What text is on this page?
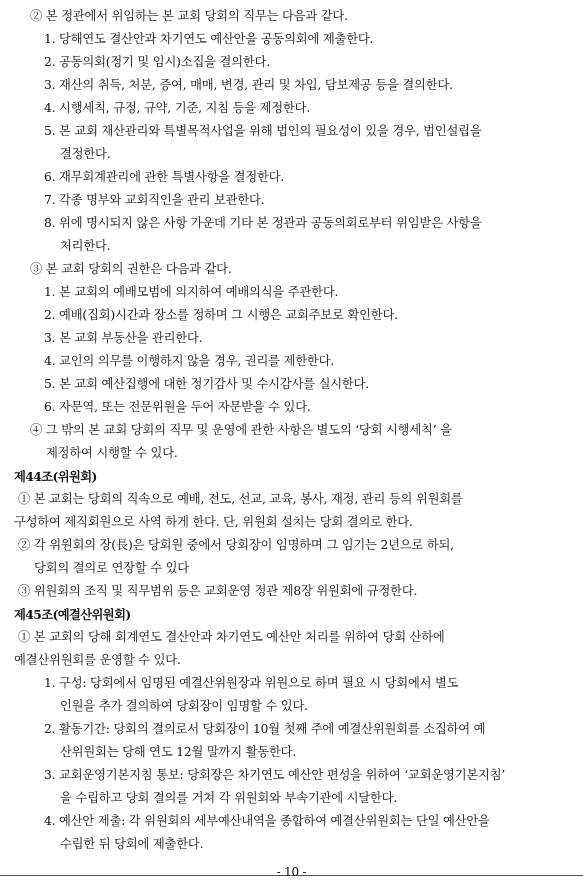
② 본 정관에서 위임하는 본 교회 당회의 직무는 다음과 같다.
1. 당해연도 결산안과 차기연도 예산안을 공동의회에 제출한다.
2. 공동의회(정기 및 임시)소집을 결의한다.
3. 재산의 취득, 처분, 증여, 매매, 변경, 관리 및 차입, 담보제공 등을 결의한다.
4. 시행세칙, 규정, 규약, 기준, 지침 등을 제정한다.
5. 본 교회 재산관리와 특별목적사업을 위해 법인의 필요성이 있을 경우, 법인설립을
결정한다.
6. 재무회계관리에 관한 특별사항을 결정한다.
7. 각종 명부와 교회직인을 관리 보관한다.
8. 위에 명시되지 않은 사항 가운데 기타 본 정관과 공동의회로부터 위임받은 사항을
처리한다.
③ 본 교회 당회의 권한은 다음과 같다.
1. 본 교회의 예배모범에 의지하여 예배의식을 주관한다.
2. 예배(집회)시간과 장소를 정하며 그 시행은 교회주보로 확인한다.
3. 본 교회 부동산을 관리한다.
4. 교인의 의무를 이행하지 않을 경우, 권리를 제한한다.
5. 본 교회 예산집행에 대한 정기감사 및 수시감사를 실시한다.
6. 자문역, 또는 전문위원을 두어 자문받을 수 있다.
④ 그 밖의 본 교회 당회의 직무 및 운영에 관한 사항은 별도의 ‘당회 시행세칙’ 을
제정하여 시행할 수 있다.
제44조(위원회)
① 본 교회는 당회의 직속으로 예배, 전도, 선교, 교육, 봉사, 재정, 관리 등의 위원회를
구성하여 제직회원으로 사역 하게 한다. 단, 위원회 설치는 당회 결의로 한다.
② 각 위원회의 장(長)은 당회원 중에서 당회장이 임명하며 그 임기는 2년으로 하되,
당회의 결의로 연장할 수 있다
③ 위원회의 조직 및 직무범위 등은 교회운영 정관 제8장 위원회에 규정한다.
제45조(예결산위원회)
① 본 교회의 당해 회계연도 결산안과 차기연도 예산안 처리를 위하여 당회 산하에
예결산위원회를 운영할 수 있다.
1. 구성: 당회에서 임명된 예결산위원장과 위원으로 하며 필요 시 당회에서 별도
인원을 추가 결의하여 당회장이 임명할 수 있다.
2. 활동기간: 당회의 결의로서 당회장이 10월 첫째 주에 예결산위원회를 소집하여 예
산위원회는 당해 연도 12월 말까지 활동한다.
3. 교회운영기본지침 통보: 당회장은 차기연도 예산안 편성을 위하여 ‘교회운영기본지침’
을 수립하고 당회 결의를 거쳐 각 위원회와 부속기관에 시달한다.
4. 예산안 제출: 각 위원회의 세부예산내역을 종합하여 예결산위원회는 단일 예산안을
수립한 뒤 당회에 제출한다.
- 10 -
